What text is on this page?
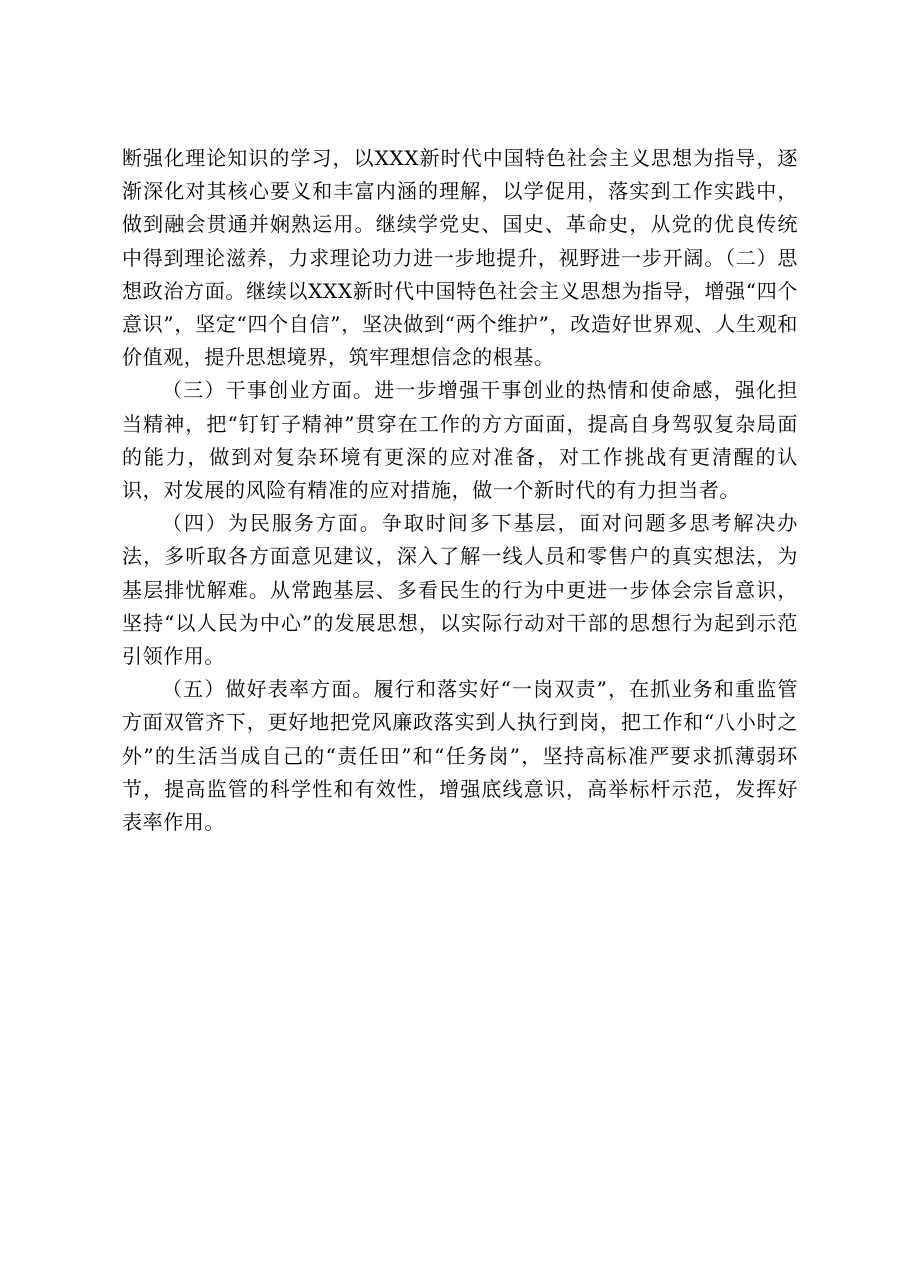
断强化理论知识的学习，以XXX新时代中国特色社会主义思想为指导，逐渐深化对其核心要义和丰富内涵的理解，以学促用，落实到工作实践中，做到融会贯通并娴熟运用。继续学党史、国史、革命史，从党的优良传统中得到理论滋养，力求理论功力进一步地提升，视野进一步开阔。（二）思想政治方面。继续以XXX新时代中国特色社会主义思想为指导，增强“四个意识”，坚定“四个自信”，坚决做到“两个维护”，改造好世界观、人生观和价值观，提升思想境界，筑牢理想信念的根基。

（三）干事创业方面。进一步增强干事创业的热情和使命感，强化担当精神，把“钉钉子精神”贯穿在工作的方方面面，提高自身驾驭复杂局面的能力，做到对复杂环境有更深的应对准备，对工作挑战有更清醒的认识，对发展的风险有精准的应对措施，做一个新时代的有力担当者。

（四）为民服务方面。争取时间多下基层，面对问题多思考解决办法，多听取各方面意见建议，深入了解一线人员和零售户的真实想法，为基层排忧解难。从常跑基层、多看民生的行为中更进一步体会宗旨意识，坚持“以人民为中心”的发展思想，以实际行动对干部的思想行为起到示范引领作用。

（五）做好表率方面。履行和落实好“一岗双责”，在抓业务和重监管方面双管齐下，更好地把党风廉政落实到人执行到岗，把工作和“八小时之外”的生活当成自己的“责任田”和“任务岗”，坚持高标准严要求抓薄弱环节，提高监管的科学性和有效性，增强底线意识，高举标杆示范，发挥好表率作用。
